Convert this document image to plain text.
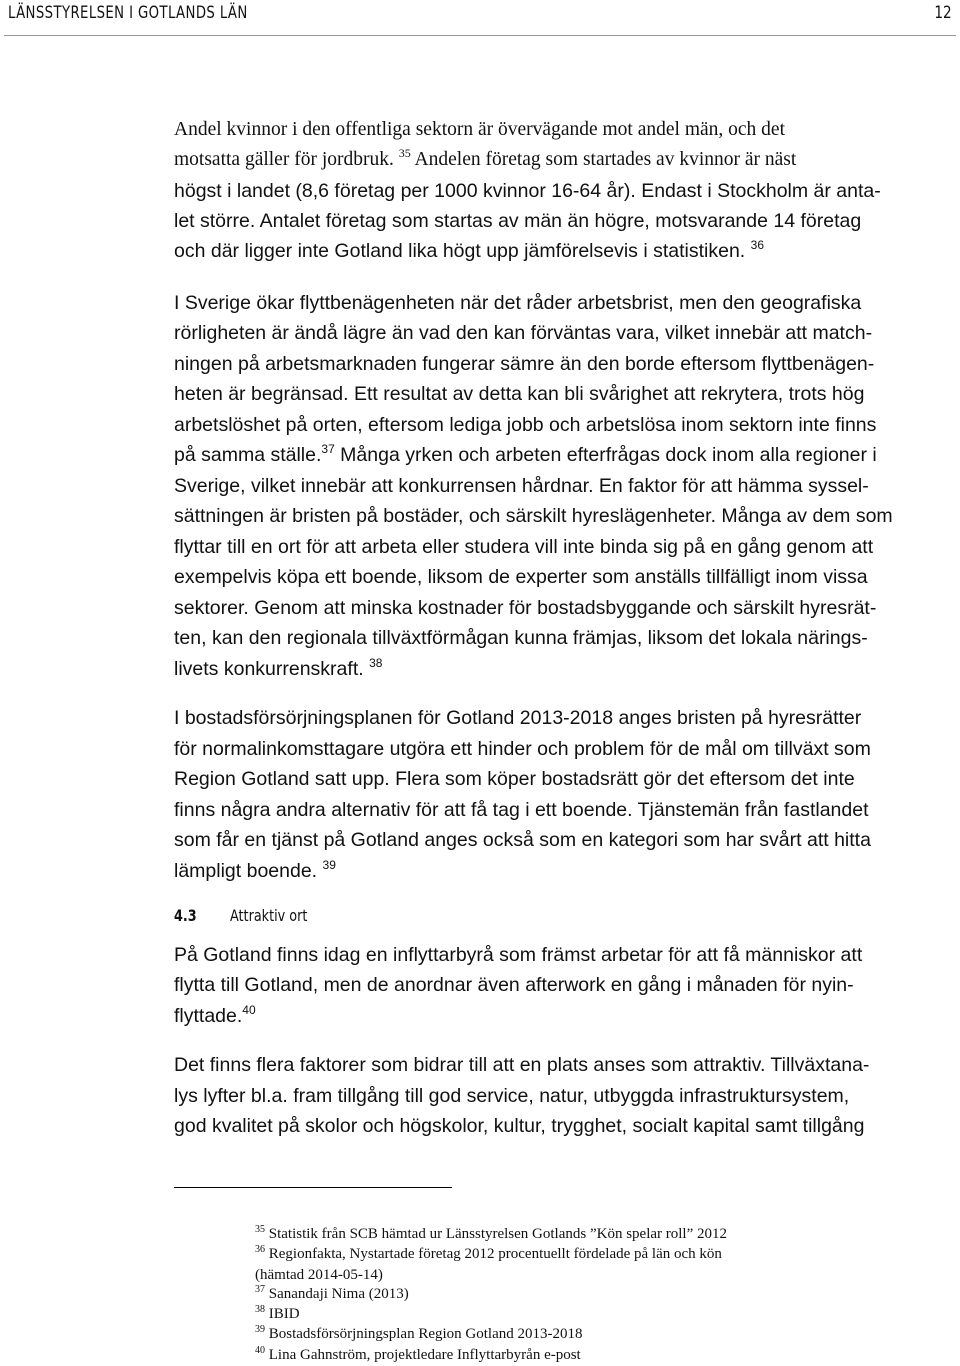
LÄNSSTYRELSEN I GOTLANDS LÄN	12
Andel kvinnor i den offentliga sektorn är övervägande mot andel män, och det
motsatta gäller för jordbruk. $^{35}$ Andelen företag som startades av kvinnor är näst
högst i landet (8,6 företag per 1000 kvinnor 16-64 år). Endast i Stockholm är anta-
let större. Antalet företag som startas av män än högre, motsvarande 14 företag
och där ligger inte Gotland lika högt upp jämförelsevis i statistiken. $^{36}$
I Sverige ökar flyttbenägenheten när det råder arbetsbrist, men den geografiska
rörligheten är ändå lägre än vad den kan förväntas vara, vilket innebär att match-
ningen på arbetsmarknaden fungerar sämre än den borde eftersom flyttbenägen-
heten är begränsad. Ett resultat av detta kan bli svårighet att rekrytera, trots hög
arbetslöshet på orten, eftersom lediga jobb och arbetslösa inom sektorn inte finns
på samma ställe.$^{37}$ Många yrken och arbeten efterfrågas dock inom alla regioner i
Sverige, vilket innebär att konkurrensen hårdnar. En faktor för att hämma syssel-
sättningen är bristen på bostäder, och särskilt hyreslägenheter. Många av dem som
flyttar till en ort för att arbeta eller studera vill inte binda sig på en gång genom att
exempelvis köpa ett boende, liksom de experter som anställs tillfälligt inom vissa
sektorer. Genom att minska kostnader för bostadsbyggande och särskilt hyresrät-
ten, kan den regionala tillväxtförmågan kunna främjas, liksom det lokala närings-
livets konkurrenskraft. $^{38}$
I bostadsförsörjningsplanen för Gotland 2013-2018 anges bristen på hyresrätter
för normalinkomsttagare utgöra ett hinder och problem för de mål om tillväxt som
Region Gotland satt upp. Flera som köper bostadsrätt gör det eftersom det inte
finns några andra alternativ för att få tag i ett boende. Tjänstemän från fastlandet
som får en tjänst på Gotland anges också som en kategori som har svårt att hitta
lämpligt boende. $^{39}$
På Gotland finns idag en inflyttarbyrå som främst arbetar för att få människor att
flytta till Gotland, men de anordnar även afterwork en gång i månaden för nyin-
flyttade.$^{40}$
Det finns flera faktorer som bidrar till att en plats anses som attraktiv. Tillväxtana-
lys lyfter bl.a. fram tillgång till god service, natur, utbyggda infrastruktursystem,
god kvalitet på skolor och högskolor, kultur, trygghet, socialt kapital samt tillgång
4.3 Attraktiv ort
$^{35}$ Statistik från SCB hämtad ur Länsstyrelsen Gotlands ”Kön spelar roll” 2012
$^{36}$ Regionfakta, Nystartade företag 2012 procentuellt fördelade på län och kön
(hämtad 2014-05-14)
$^{37}$ Sanandaji Nima (2013)
$^{38}$ IBID
$^{39}$ Bostadsförsörjningsplan Region Gotland 2013-2018
$^{40}$ Lina Gahnström, projektledare Inflyttarbyrån e-post
